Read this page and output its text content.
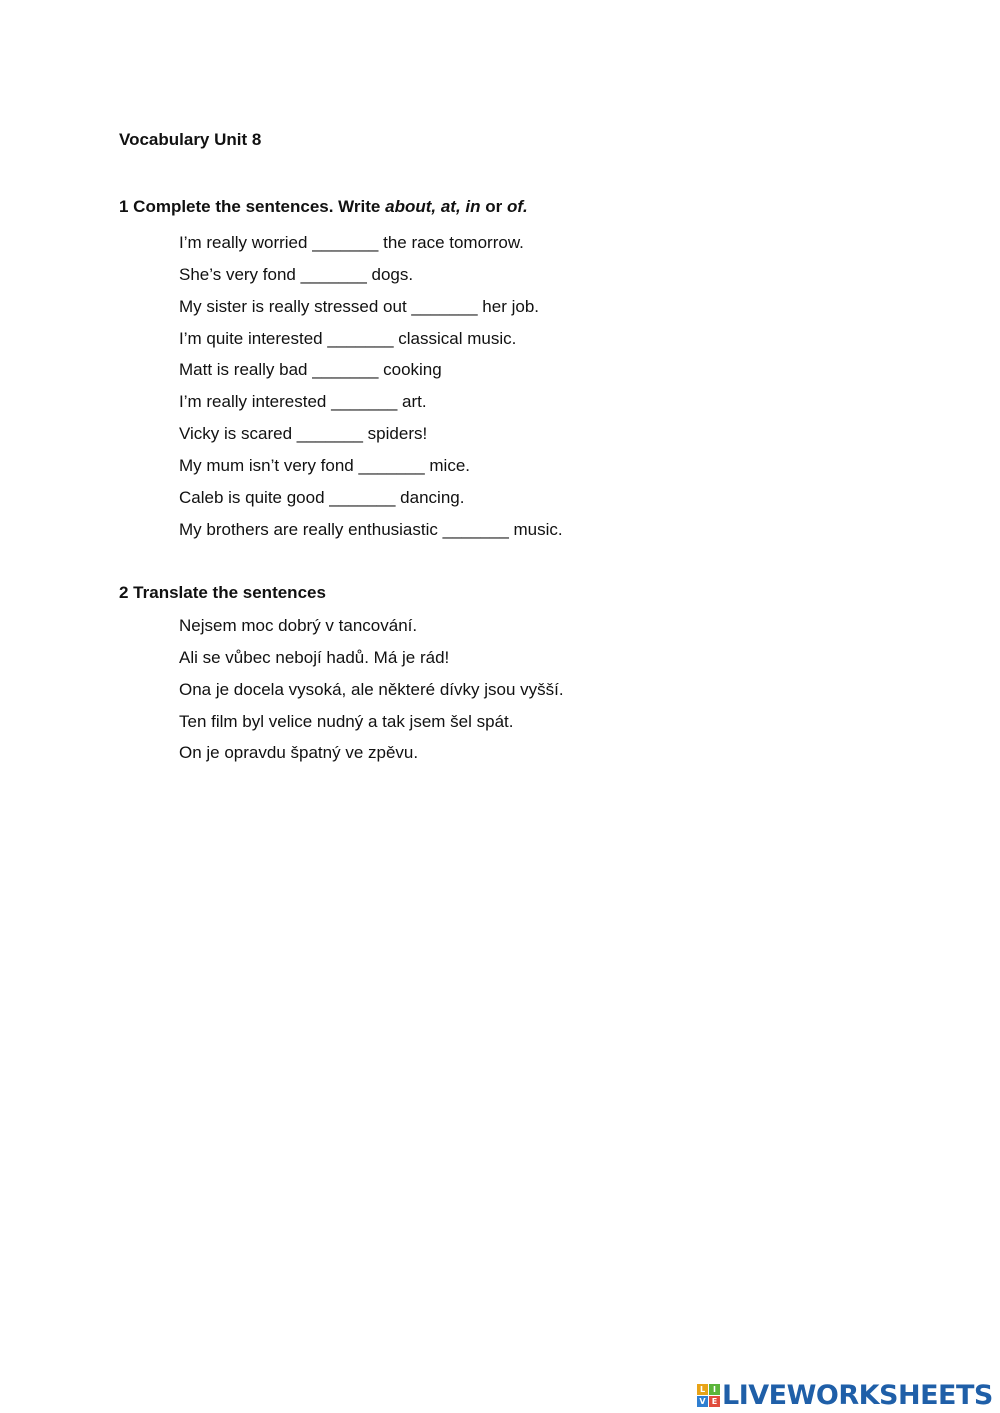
Vocabulary Unit 8
1 Complete the sentences. Write about, at, in or of.
I’m really worried _______ the race tomorrow.
She’s very fond _______ dogs.
My sister is really stressed out _______ her job.
I’m quite interested _______ classical music.
Matt is really bad _______ cooking
I’m really interested _______ art.
Vicky is scared _______ spiders!
My mum isn’t very fond _______ mice.
Caleb is quite good _______ dancing.
My brothers are really enthusiastic _______ music.
2 Translate the sentences
Nejsem moc dobrý v tancování.
Ali se vůbec nebojí hadů. Má je rád!
Ona je docela vysoká, ale některé dívky jsou vyšší.
Ten film byl velice nudný a tak jsem šel spát.
On je opravdu špatný ve zpěvu.
L I
V E LIVEWORKSHEETS
